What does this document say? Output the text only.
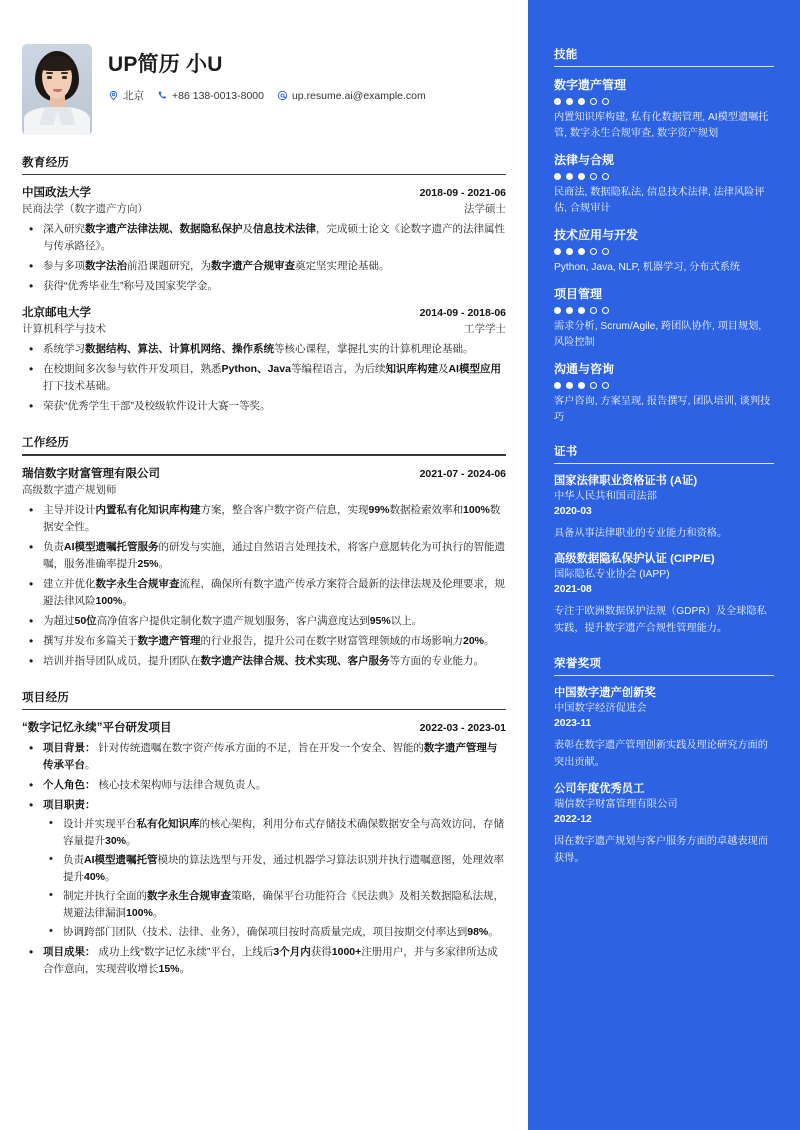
UP简历 小U
北京	+86 138-0013-8000	up.resume.ai@example.com
教育经历
中国政法大学	2018-09 - 2021-06
民商法学（数字遗产方向）	法学硕士
• 深入研究数字遗产法律法规、数据隐私保护及信息技术法律，完成硕士论文《论数字遗产的法律属性与传承路径》。
• 参与多项数字法治前沿课题研究，为数字遗产合规审查奠定坚实理论基础。
• 获得“优秀毕业生”称号及国家奖学金。
北京邮电大学	2014-09 - 2018-06
计算机科学与技术	工学学士
• 系统学习数据结构、算法、计算机网络、操作系统等核心课程，掌握扎实的计算机理论基础。
• 在校期间多次参与软件开发项目，熟悉Python、Java等编程语言，为后续知识库构建及AI模型应用打下技术基础。
• 荣获“优秀学生干部”及校级软件设计大赛一等奖。
工作经历
瑞信数字财富管理有限公司	2021-07 - 2024-06
高级数字遗产规划师
• 主导并设计内置私有化知识库构建方案，整合客户数字资产信息，实现99%数据检索效率和100%数据安全性。
• 负责AI模型遗嘱托管服务的研发与实施，通过自然语言处理技术，将客户意愿转化为可执行的智能遗嘱，服务准确率提升25%。
• 建立并优化数字永生合规审查流程，确保所有数字遗产传承方案符合最新的法律法规及伦理要求，规避法律风险100%。
• 为超过50位高净值客户提供定制化数字遗产规划服务，客户满意度达到95%以上。
• 撰写并发布多篇关于数字遗产管理的行业报告，提升公司在数字财富管理领域的市场影响力20%。
• 培训并指导团队成员，提升团队在数字遗产法律合规、技术实现、客户服务等方面的专业能力。
项目经历
“数字记忆永续”平台研发项目	2022-03 - 2023-01
• 项目背景： 针对传统遗嘱在数字资产传承方面的不足，旨在开发一个安全、智能的数字遗产管理与传承平台。
• 个人角色： 核心技术架构师与法律合规负责人。
• 项目职责：
• 设计并实现平台私有化知识库的核心架构，利用分布式存储技术确保数据安全与高效访问，存储容量提升30%。
• 负责AI模型遗嘱托管模块的算法选型与开发，通过机器学习算法识别并执行遗嘱意图，处理效率提升40%。
• 制定并执行全面的数字永生合规审查策略，确保平台功能符合《民法典》及相关数据隐私法规，规避法律漏洞100%。
• 协调跨部门团队（技术、法律、业务），确保项目按时高质量完成，项目按期交付率达到98%。
• 项目成果： 成功上线“数字记忆永续”平台，上线后3个月内获得1000+注册用户，并与多家律所达成合作意向，实现营收增长15%。
技能
数字遗产管理
内置知识库构建, 私有化数据管理, AI模型遗嘱托管, 数字永生合规审查, 数字资产规划
法律与合规
民商法, 数据隐私法, 信息技术法律, 法律风险评估, 合规审计
技术应用与开发
Python, Java, NLP, 机器学习, 分布式系统
项目管理
需求分析, Scrum/Agile, 跨团队协作, 项目规划, 风险控制
沟通与咨询
客户咨询, 方案呈现, 报告撰写, 团队培训, 谈判技巧
证书
国家法律职业资格证书 (A证)
中华人民共和国司法部
2020-03
具备从事法律职业的专业能力和资格。
高级数据隐私保护认证 (CIPP/E)
国际隐私专业协会 (IAPP)
2021-08
专注于欧洲数据保护法规（GDPR）及全球隐私实践，提升数字遗产合规性管理能力。
荣誉奖项
中国数字遗产创新奖
中国数字经济促进会
2023-11
表彰在数字遗产管理创新实践及理论研究方面的突出贡献。
公司年度优秀员工
瑞信数字财富管理有限公司
2022-12
因在数字遗产规划与客户服务方面的卓越表现而获得。
